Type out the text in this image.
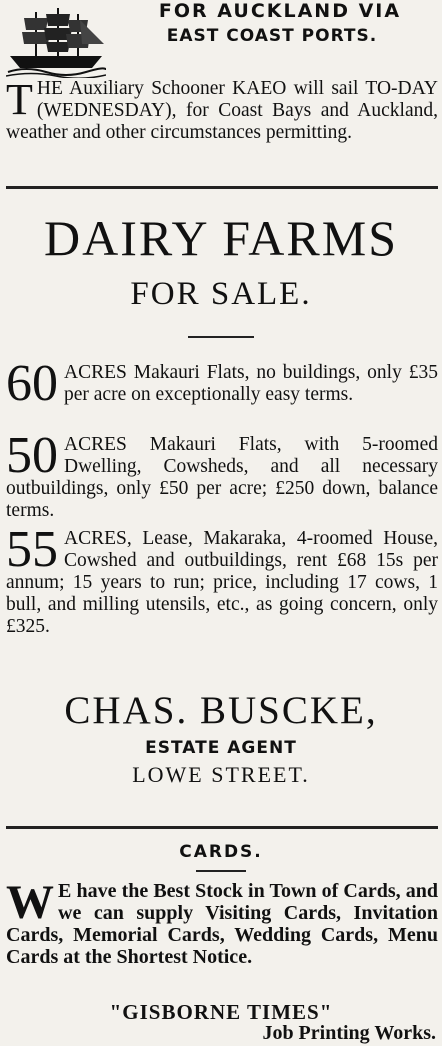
FOR AUCKLAND VIA
EAST COAST PORTS.
THE Auxiliary Schooner KAEO will sail TO-DAY (WEDNESDAY), for Coast Bays and Auckland, weather and other circumstances permitting.
DAIRY FARMS
FOR SALE.
60 ACRES Makauri Flats, no buildings, only £35 per acre on exceptionally easy terms.
50 ACRES Makauri Flats, with 5-roomed Dwelling, Cowsheds, and all necessary outbuildings, only £50 per acre; £250 down, balance terms.
55 ACRES, Lease, Makaraka, 4-roomed House, Cowshed and outbuildings, rent £68 15s per annum; 15 years to run; price, including 17 cows, 1 bull, and milling utensils, etc., as going concern, only £325.
CHAS. BUSCKE,
ESTATE AGENT
LOWE STREET.
CARDS.
W E have the Best Stock in Town of Cards, and we can supply Visiting Cards, Invitation Cards, Memorial Cards, Wedding Cards, Menu Cards at the Shortest Notice.
"GISBORNE TIMES"
Job Printing Works.
